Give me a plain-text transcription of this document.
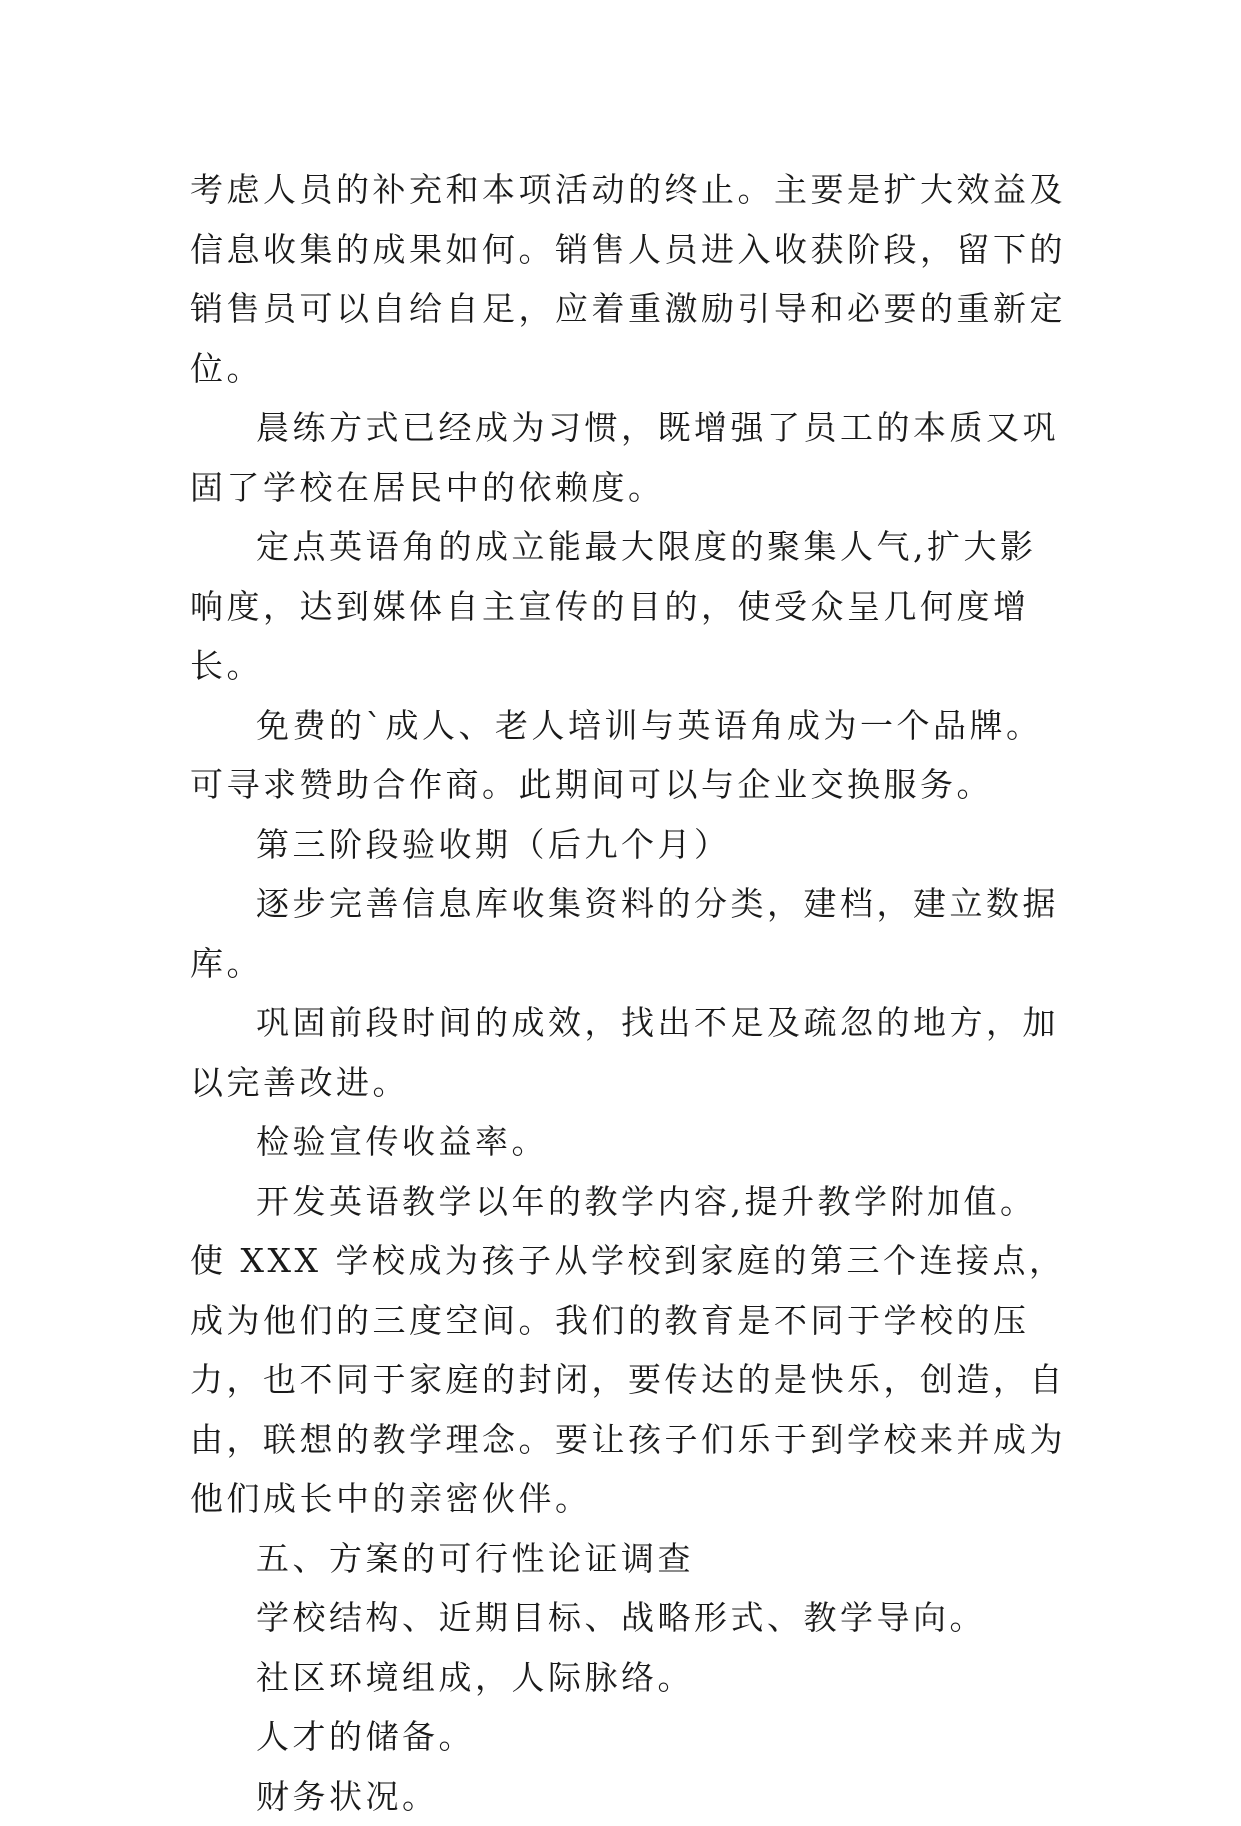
考虑人员的补充和本项活动的终止。主要是扩大效益及信息收集的成果如何。销售人员进入收获阶段，留下的销售员可以自给自足，应着重激励引导和必要的重新定位。

晨练方式已经成为习惯，既增强了员工的本质又巩固了学校在居民中的依赖度。

定点英语角的成立能最大限度的聚集人气,扩大影响度，达到媒体自主宣传的目的，使受众呈几何度增长。

免费的`成人、老人培训与英语角成为一个品牌。可寻求赞助合作商。此期间可以与企业交换服务。

第三阶段验收期（后九个月）

逐步完善信息库收集资料的分类，建档，建立数据库。

巩固前段时间的成效，找出不足及疏忽的地方，加以完善改进。

检验宣传收益率。

开发英语教学以年的教学内容,提升教学附加值。使 XXX 学校成为孩子从学校到家庭的第三个连接点，成为他们的三度空间。我们的教育是不同于学校的压力，也不同于家庭的封闭，要传达的是快乐，创造，自由，联想的教学理念。要让孩子们乐于到学校来并成为他们成长中的亲密伙伴。

五、方案的可行性论证调查

学校结构、近期目标、战略形式、教学导向。

社区环境组成，人际脉络。

人才的储备。

财务状况。
